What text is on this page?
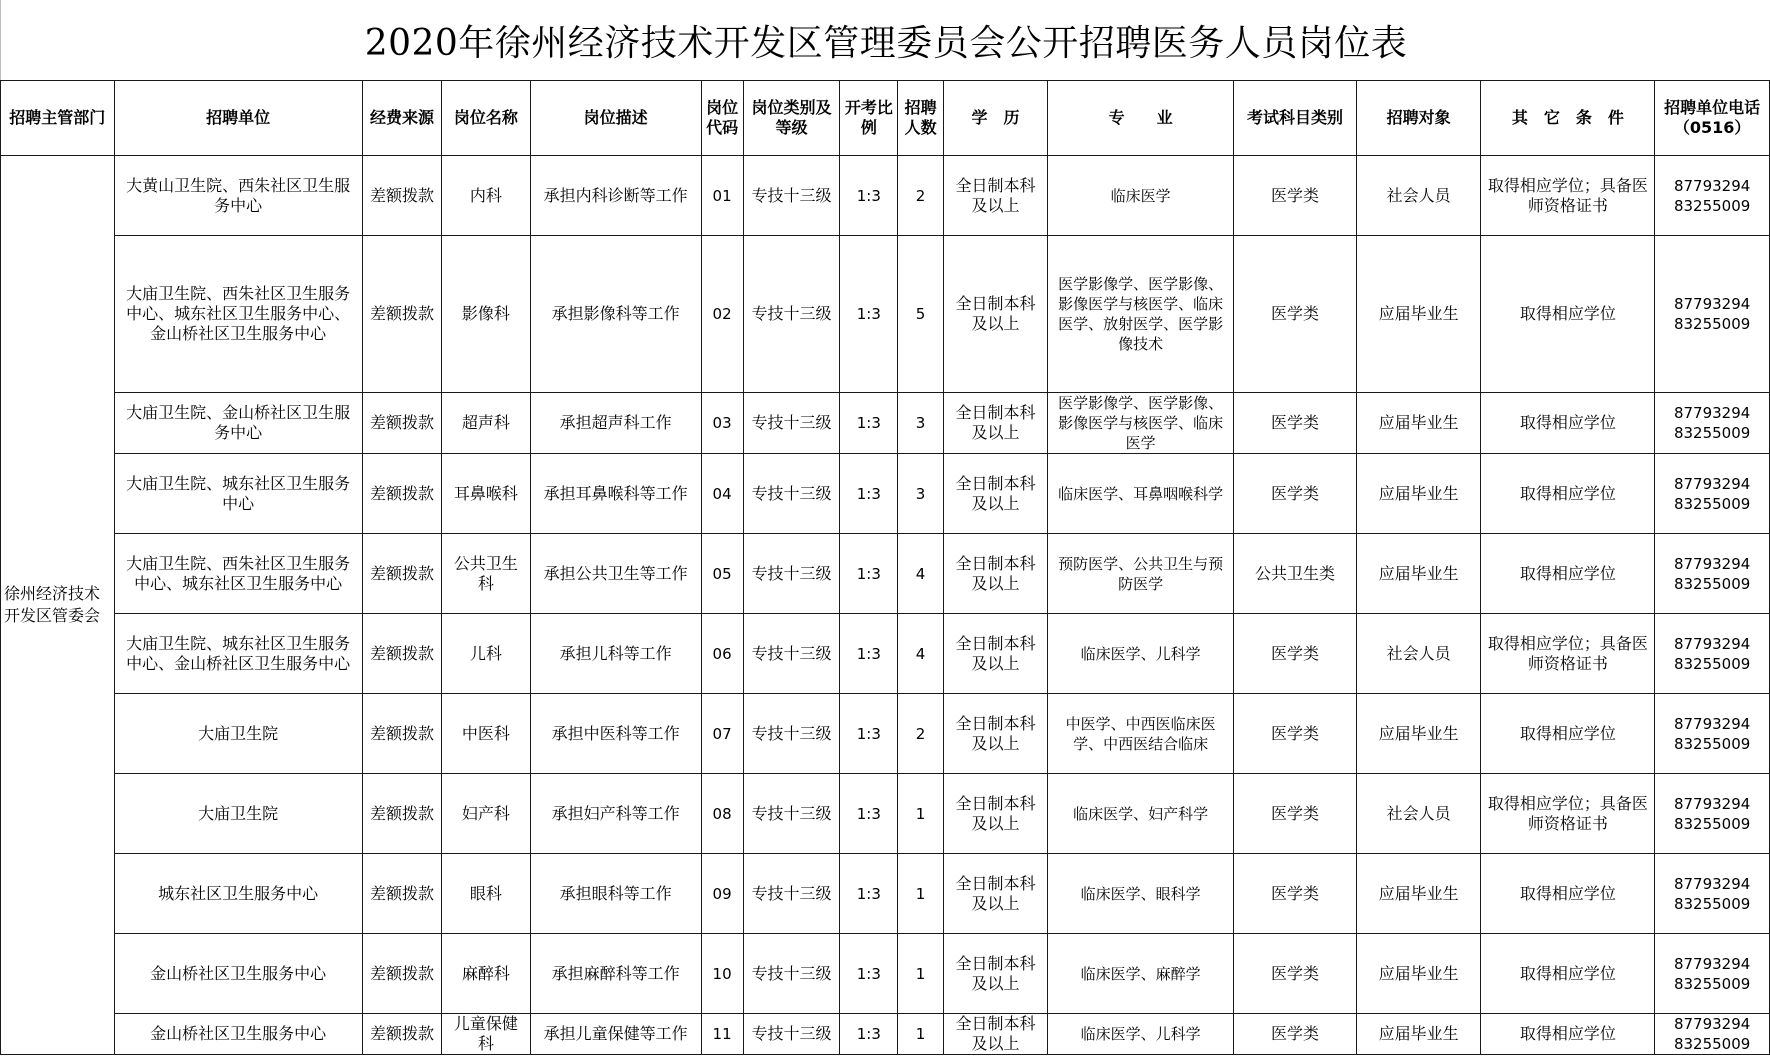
2020年徐州经济技术开发区管理委员会公开招聘医务人员岗位表
招聘主管部门	招聘单位	经费来源	岗位名称	岗位描述	岗位代码	岗位类别及等级	开考比例	招聘人数	学　历	专　　业	考试科目类别	招聘对象	其　它　条　件	招聘单位电话（0516）
徐州经济技术开发区管委会	大黄山卫生院、西朱社区卫生服务中心	差额拨款	内科	承担内科诊断等工作	01	专技十三级	1:3	2	全日制本科及以上	临床医学	医学类	社会人员	取得相应学位；具备医师资格证书	87793294
83255009

	大庙卫生院、西朱社区卫生服务中心、城东社区卫生服务中心、金山桥社区卫生服务中心	差额拨款	影像科	承担影像科等工作	02	专技十三级	1:3	5	全日制本科及以上	医学影像学、医学影像、影像医学与核医学、临床医学、放射医学、医学影像技术	医学类	应届毕业生	取得相应学位	87793294
83255009

	大庙卫生院、金山桥社区卫生服务中心	差额拨款	超声科	承担超声科工作	03	专技十三级	1:3	3	全日制本科及以上	医学影像学、医学影像、影像医学与核医学、临床医学	医学类	应届毕业生	取得相应学位	87793294
83255009

	大庙卫生院、城东社区卫生服务中心	差额拨款	耳鼻喉科	承担耳鼻喉科等工作	04	专技十三级	1:3	3	全日制本科及以上	临床医学、耳鼻咽喉科学	医学类	应届毕业生	取得相应学位	87793294
83255009

	大庙卫生院、西朱社区卫生服务中心、城东社区卫生服务中心	差额拨款	公共卫生科	承担公共卫生等工作	05	专技十三级	1:3	4	全日制本科及以上	预防医学、公共卫生与预防医学	公共卫生类	应届毕业生	取得相应学位	87793294
83255009

	大庙卫生院、城东社区卫生服务中心、金山桥社区卫生服务中心	差额拨款	儿科	承担儿科等工作	06	专技十三级	1:3	4	全日制本科及以上	临床医学、儿科学	医学类	社会人员	取得相应学位；具备医师资格证书	87793294
83255009

	大庙卫生院	差额拨款	中医科	承担中医科等工作	07	专技十三级	1:3	2	全日制本科及以上	中医学、中西医临床医学、中西医结合临床	医学类	应届毕业生	取得相应学位	87793294
83255009

	大庙卫生院	差额拨款	妇产科	承担妇产科等工作	08	专技十三级	1:3	1	全日制本科及以上	临床医学、妇产科学	医学类	社会人员	取得相应学位；具备医师资格证书	87793294
83255009

	城东社区卫生服务中心	差额拨款	眼科	承担眼科等工作	09	专技十三级	1:3	1	全日制本科及以上	临床医学、眼科学	医学类	应届毕业生	取得相应学位	87793294
83255009

	金山桥社区卫生服务中心	差额拨款	麻醉科	承担麻醉科等工作	10	专技十三级	1:3	1	全日制本科及以上	临床医学、麻醉学	医学类	应届毕业生	取得相应学位	87793294
83255009

	金山桥社区卫生服务中心	差额拨款	儿童保健科	承担儿童保健等工作	11	专技十三级	1:3	1	全日制本科及以上	临床医学、儿科学	医学类	应届毕业生	取得相应学位	87793294
83255009
